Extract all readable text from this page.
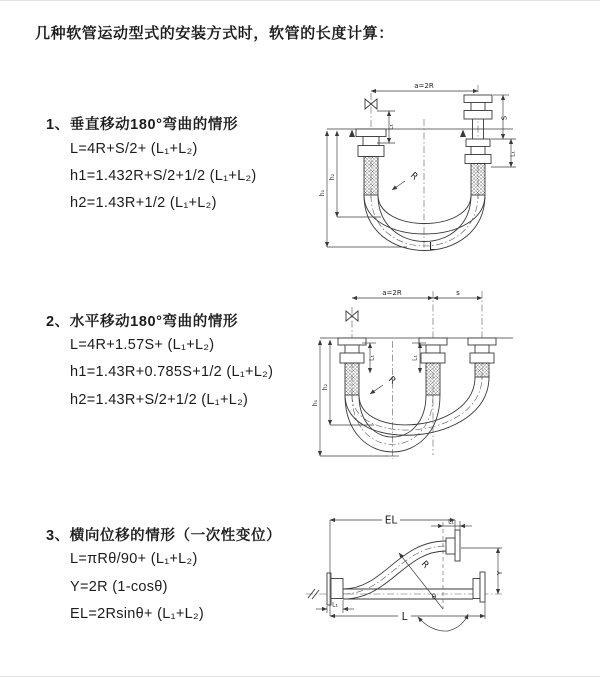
几种软管运动型式的安装方式时，软管的长度计算：
1、垂直移动180°弯曲的情形
L=4R+S/2+ (L₁+L₂)
h1=1.432R+S/2+1/2 (L₁+L₂)
h2=1.43R+1/2 (L₁+L₂)
2、水平移动180°弯曲的情形
L=4R+1.57S+ (L₁+L₂)
h1=1.43R+0.785S+1/2 (L₁+L₂)
h2=1.43R+S/2+1/2 (L₁+L₂)
3、横向位移的情形（一次性变位）
L=πRθ/90+ (L₁+L₂)
Y=2R (1-cosθ)
EL=2Rsinθ+ (L₁+L₂)
a=2R
R
L
h₁
h₂
S
L₁
L₁
a=2R	s
R
h₁
h₂
L₁	L₁
EL	L₁
R
θ
Y
L
L₁
